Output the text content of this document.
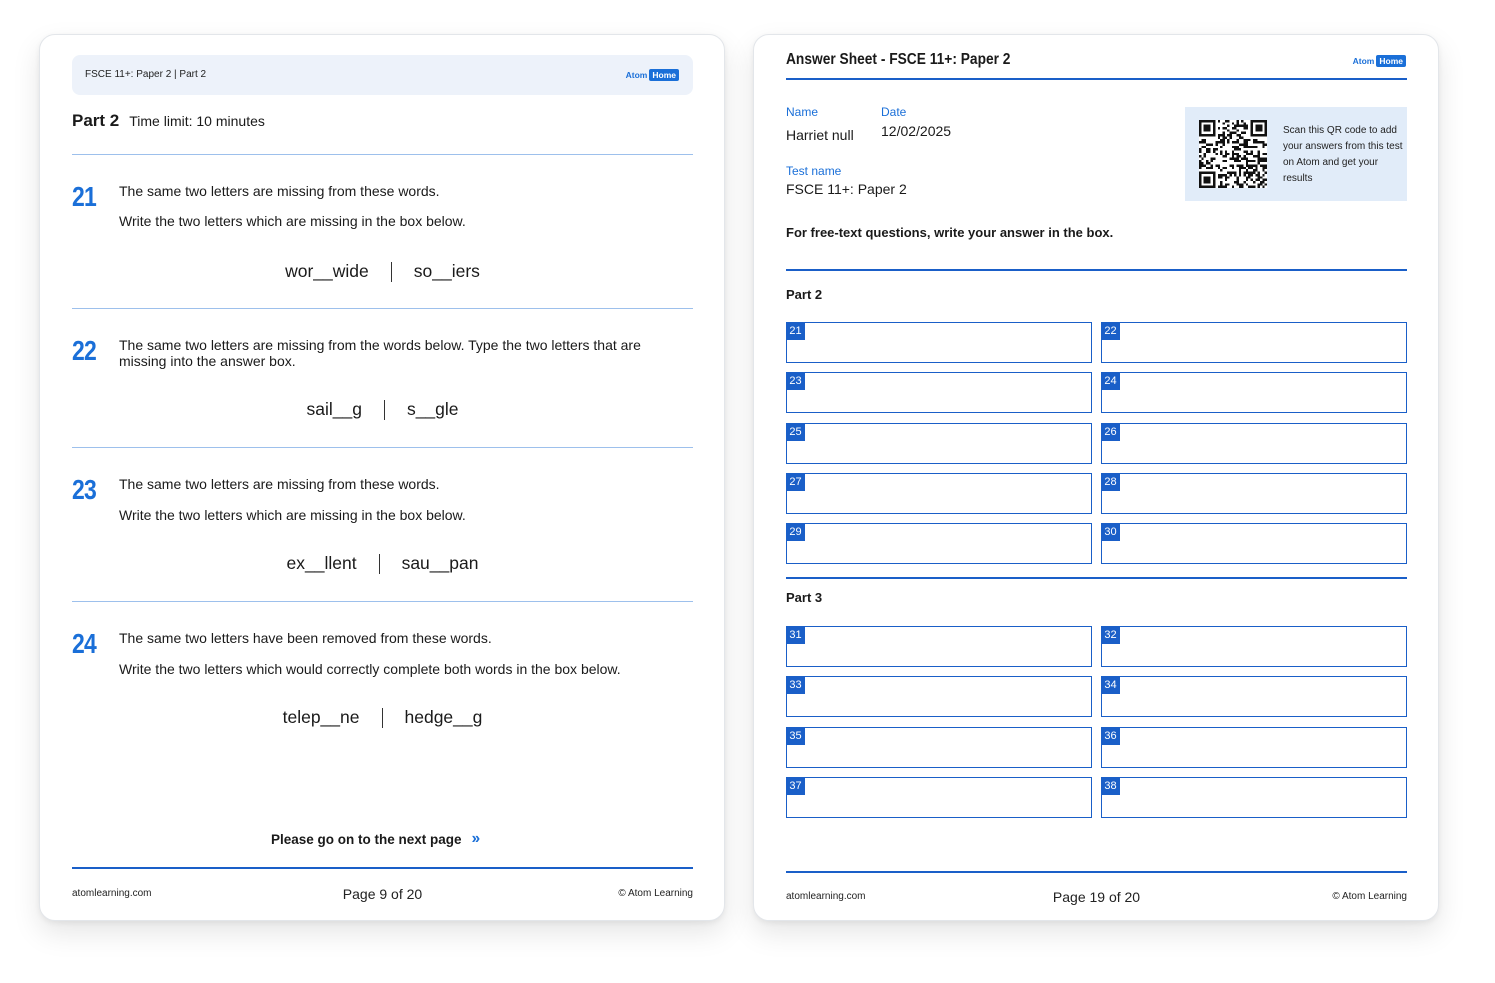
FSCE 11+: Paper 2 | Part 2	Atom Home
Part 2 Time limit: 10 minutes
21 The same two letters are missing from these words.
Write the two letters which are missing in the box below.
wor__wide	so__iers
22 The same two letters are missing from the words below. Type the two letters that are missing into the answer box.
sail__g	s__gle
23 The same two letters are missing from these words.
Write the two letters which are missing in the box below.
ex__llent	sau__pan
24 The same two letters have been removed from these words.
Write the two letters which would correctly complete both words in the box below.
telep__ne	hedge__g
Please go on to the next page ››
atomlearning.com	Page 9 of 20	© Atom Learning
Answer Sheet - FSCE 11+: Paper 2	Atom Home
Name
Harriet null
Date
12/02/2025
Test name
FSCE 11+: Paper 2
Scan this QR code to add your answers from this test on Atom and get your results
For free-text questions, write your answer in the box.
Part 2
21	22
23	24
25	26
27	28
29	30
Part 3
31	32
33	34
35	36
37	38
atomlearning.com	Page 19 of 20	© Atom Learning
